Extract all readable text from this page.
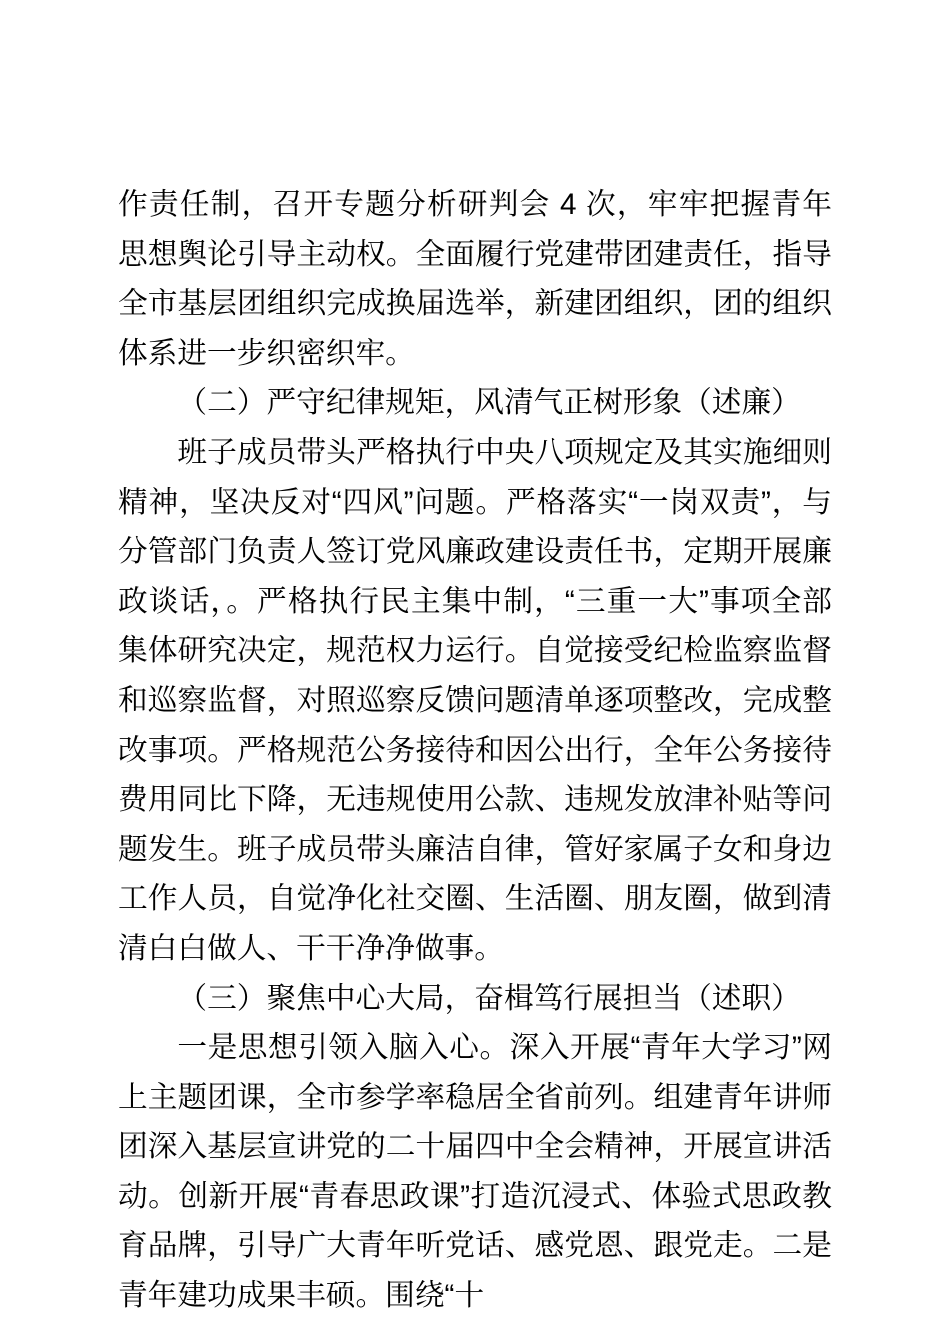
作责任制，召开专题分析研判会 4 次，牢牢把握青年思想舆论引导主动权。全面履行党建带团建责任，指导全市基层团组织完成换届选举，新建团组织，团的组织体系进一步织密织牢。

（二）严守纪律规矩，风清气正树形象（述廉）

班子成员带头严格执行中央八项规定及其实施细则精神，坚决反对“四风”问题。严格落实“一岗双责”，与分管部门负责人签订党风廉政建设责任书，定期开展廉政谈话，。严格执行民主集中制，“三重一大”事项全部集体研究决定，规范权力运行。自觉接受纪检监察监督和巡察监督，对照巡察反馈问题清单逐项整改，完成整改事项。严格规范公务接待和因公出行，全年公务接待费用同比下降，无违规使用公款、违规发放津补贴等问题发生。班子成员带头廉洁自律，管好家属子女和身边工作人员，自觉净化社交圈、生活圈、朋友圈，做到清清白白做人、干干净净做事。

（三）聚焦中心大局，奋楫笃行展担当（述职）

一是思想引领入脑入心。深入开展“青年大学习”网上主题团课，全市参学率稳居全省前列。组建青年讲师团深入基层宣讲党的二十届四中全会精神，开展宣讲活动。创新开展“青春思政课”打造沉浸式、体验式思政教育品牌，引导广大青年听党话、感党恩、跟党走。二是青年建功成果丰硕。围绕“十
